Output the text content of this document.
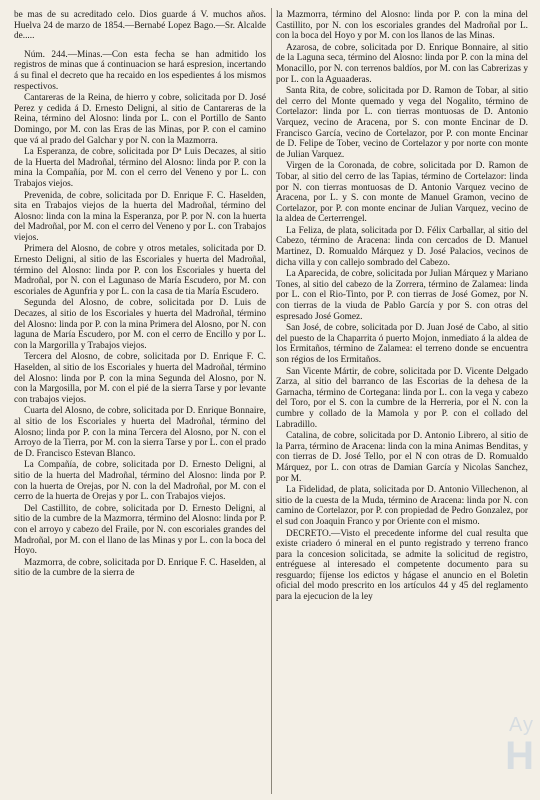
be mas de su acreditado celo. Dios guarde á V. muchos años. Huelva 24 de marzo de 1854.—Bernabé Lopez Bago.—Sr. Alcalde de.....

Núm. 244.—Minas.—Con esta fecha se han admitido los registros de minas que á continuacion se hará espresion, incertando á su final el decreto que ha recaido en los espedientes á los mismos respectivos.

Cantareras de la Reina, de hierro y cobre, solicitada por D. José Perez y cedida á D. Ernesto Deligni, al sitio de Cantareras de la Reina, término del Alosno: linda por L. con el Portillo de Santo Domingo, por M. con las Eras de las Minas, por P. con el camino que vá al prado del Galchar y por N. con la Mazmorra.

La Esperanza, de cobre, solicitada por Dª Luis Decazes, al sitio de la Huerta del Madroñal, término del Alosno: linda por P. con la mina la Compañía, por M. con el cerro del Veneno y por L. con Trabajos viejos.

Prevenida, de cobre, solicitada por D. Enrique F. C. Haselden, sita en Trabajos viejos de la huerta del Madroñal, término del Alosno: linda con la mina la Esperanza, por P. por N. con la huerta del Madroñal, por M. con el cerro del Veneno y por L. con Trabajos viejos.

Primera del Alosno, de cobre y otros metales, solicitada por D. Ernesto Deligni, al sitio de las Escoriales y huerta del Madroñal, término del Alosno: linda por P. con los Escoriales y huerta del Madroñal, por N. con el Lagunaso de María Escudero, por M. con escoriales de Agunfria y por L. con la casa de tia María Escudero.

Segunda del Alosno, de cobre, solicitada por D. Luis de Decazes, al sitio de los Escoriales y huerta del Madroñal, término del Alosno: linda por P. con la mina Primera del Alosno, por N. con laguna de María Escudero, por M. con el cerro de Encillo y por L. con la Margorilla y Trabajos viejos.

Tercera del Alosno, de cobre, solicitada por D. Enrique F. C. Haselden, al sitio de los Escoriales y huerta del Madroñal, término del Alosno: linda por P. con la mina Segunda del Alosno, por N. con la Margosilla, por M. con el pié de la sierra Tarse y por levante con trabajos viejos.

Cuarta del Alosno, de cobre, solicitada por D. Enrique Bonnaire, al sitio de los Escoriales y huerta del Madroñal, término del Alosno; linda por P. con la mina Tercera del Alosno, por N. con el Arroyo de la Tierra, por M. con la sierra Tarse y por L. con el prado de D. Francisco Estevan Blanco.

La Compañía, de cobre, solicitada por D. Ernesto Deligni, al sitio de la huerta del Madroñal, término del Alosno: linda por P. con la huerta de Orejas, por N. con la del Madroñal, por M. con el cerro de la huerta de Orejas y por L. con Trabajos viejos.

Del Castillito, de cobre, solicitada por D. Ernesto Deligni, al sitio de la cumbre de la Mazmorra, término del Alosno: linda por P. con el arroyo y cabezo del Fraile, por N. con escoriales grandes del Madroñal, por M. con el llano de las Minas y por L. con la boca del Hoyo.

Mazmorra, de cobre, solicitada por D. Enrique F. C. Haselden, al sitio de la cumbre de la sierra de

la Mazmorra, término del Alosno: linda por P. con la mina del Castillito, por N. con los escoriales grandes del Madroñal por L. con la boca del Hoyo y por M. con los llanos de las Minas.

Azarosa, de cobre, solicitada por D. Enrique Bonnaire, al sitio de la Laguna seca, término del Alosno: linda por P. con la mina del Monacillo, por N. con terrenos baldíos, por M. con las Cabrerizas y por L. con la Aguaaderas.

Santa Rita, de cobre, solicitada por D. Ramon de Tobar, al sitio del cerro del Monte quemado y vega del Nogalito, término de Cortelazor: linda por L. con tierras montuosas de D. Antonio Varquez, vecino de Aracena, por S. con monte Encinar de D. Francisco García, vecino de Cortelazor, por P. con monte Encinar de D. Felipe de Tober, vecino de Cortelazor y por norte con monte de Julian Varquez.

Virgen de la Coronada, de cobre, solicitada por D. Ramon de Tobar, al sitio del cerro de las Tapias, término de Cortelazor: linda por N. con tierras montuosas de D. Antonio Varquez vecino de Aracena, por L. y S. con monte de Manuel Gramon, vecino de Cortelazor, por P. con monte encinar de Julian Varquez, vecino de la aldea de Certerrengel.

La Feliza, de plata, solicitada por D. Félix Carballar, al sitio del Cabezo, término de Aracena: linda con cercados de D. Manuel Martinez, D. Romualdo Márquez y D. José Palacios, vecinos de dicha villa y con callejo sombrado del Cabezo.

La Aparecida, de cobre, solicitada por Julian Márquez y Mariano Tones, al sitio del cabezo de la Zorrera, término de Zalamea: linda por L. con el Rio-Tinto, por P. con tierras de José Gomez, por N. con tierras de la viuda de Pablo García y por S. con otras del espresado José Gomez.

San José, de cobre, solicitada por D. Juan José de Cabo, al sitio del puesto de la Chaparrita ó puerto Mojon, inmediato á la aldea de los Ermitaños, término de Zalamea: el terreno donde se encuentra son régios de los Ermitaños.

San Vicente Mártir, de cobre, solicitada por D. Vicente Delgado Zarza, al sitio del barranco de las Escorias de la dehesa de la Garnacha, término de Cortegana: linda por L. con la vega y cabezo del Toro, por el S. con la cumbre de la Herreria, por el N. con la cumbre y collado de la Mamola y por P. con el collado del Labradillo.

Catalina, de cobre, solicitada por D. Antonio Librero, al sitio de la Parra, término de Aracena: linda con la mina Animas Benditas, y con tierras de D. José Tello, por el N con otras de D. Romualdo Márquez, por L. con otras de Damian García y Nicolas Sanchez, por M.

La Fidelidad, de plata, solicitada por D. Antonio Villechenon, al sitio de la cuesta de la Muda, término de Aracena: linda por N. con camino de Cortelazor, por P. con propiedad de Pedro Gonzalez, por el sud con Joaquin Franco y por Oriente con el mismo.

DECRETO.—Visto el precedente informe del cual resulta que existe criadero ó mineral en el punto registrado y terreno franco para la concesion solicitada, se admite la solicitud de registro, entréguese al interesado el competente documento para su resguardo; fíjense los edictos y hágase el anuncio en el Boletin oficial del modo prescrito en los artículos 44 y 45 del reglamento para la ejecucion de la ley

Ay
H
